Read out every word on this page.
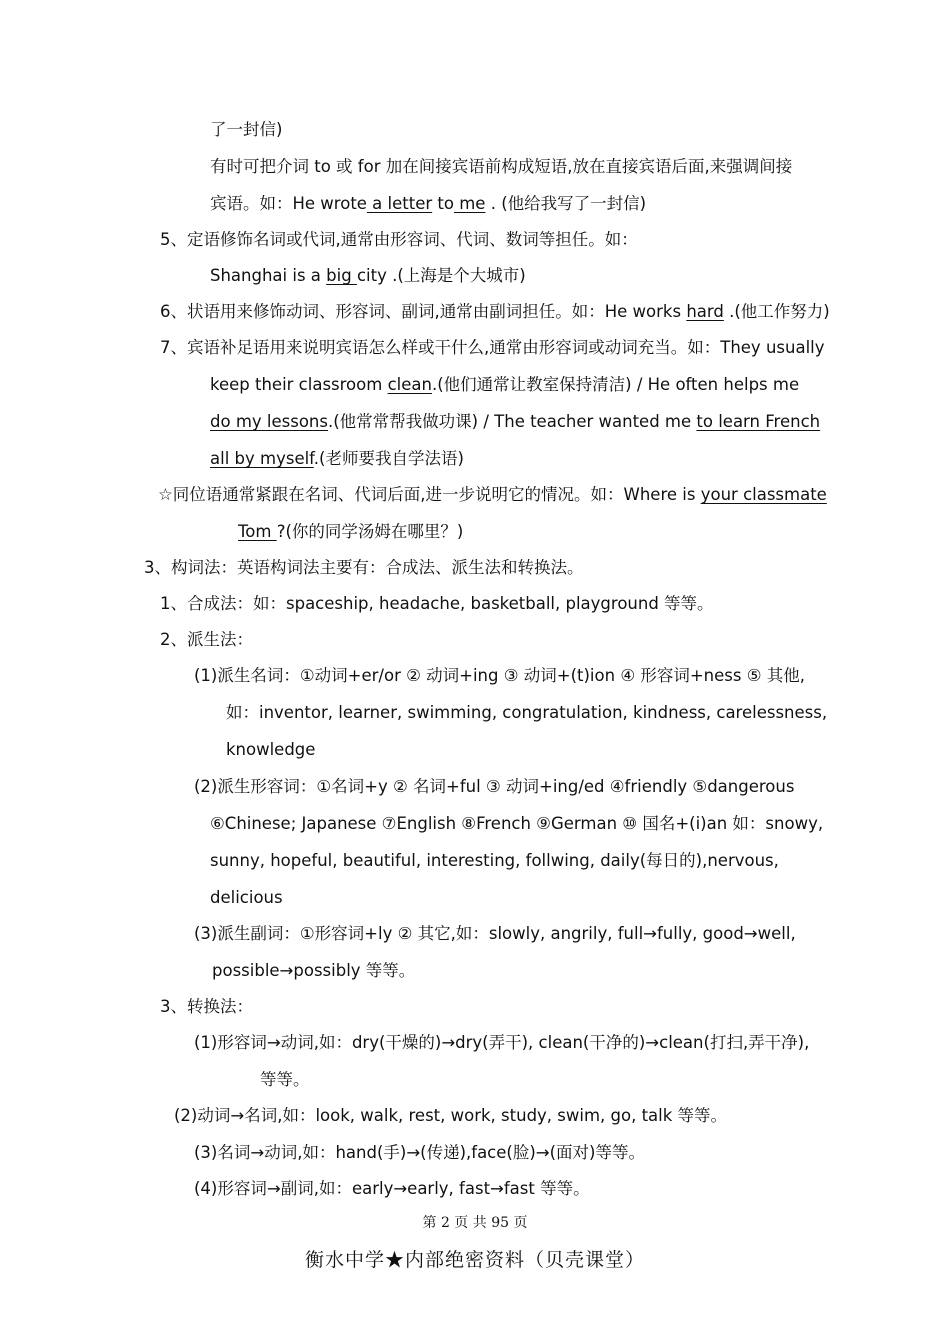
了一封信)
有时可把介词 to 或 for 加在间接宾语前构成短语,放在直接宾语后面,来强调间接
宾语。如：He wrote a letter to me . (他给我写了一封信)
5、定语修饰名词或代词,通常由形容词、代词、数词等担任。如：
Shanghai is a big city .(上海是个大城市)
6、状语用来修饰动词、形容词、副词,通常由副词担任。如：He works hard .(他工作努力)
7、宾语补足语用来说明宾语怎么样或干什么,通常由形容词或动词充当。如：They usually
keep their classroom clean.(他们通常让教室保持清洁) / He often helps me
do my lessons.(他常常帮我做功课) / The teacher wanted me to learn French
all by myself.(老师要我自学法语)
☆同位语通常紧跟在名词、代词后面,进一步说明它的情况。如：Where is your classmate
Tom ?(你的同学汤姆在哪里？)
3、构词法：英语构词法主要有：合成法、派生法和转换法。
1、合成法：如：spaceship, headache, basketball, playground 等等。
2、派生法：
(1)派生名词：①动词+er/or ② 动词+ing ③ 动词+(t)ion ④ 形容词+ness ⑤ 其他,
如：inventor, learner, swimming, congratulation, kindness, carelessness,
knowledge
(2)派生形容词：①名词+y ② 名词+ful ③ 动词+ing/ed ④friendly ⑤dangerous
⑥Chinese; Japanese ⑦English ⑧French ⑨German ⑩ 国名+(i)an 如：snowy,
sunny, hopeful, beautiful, interesting, follwing, daily(每日的),nervous,
delicious
(3)派生副词：①形容词+ly ② 其它,如：slowly, angrily, full→fully, good→well,
possible→possibly 等等。
3、转换法：
(1)形容词→动词,如：dry(干燥的)→dry(弄干), clean(干净的)→clean(打扫,弄干净),
等等。
(2)动词→名词,如：look, walk, rest, work, study, swim, go, talk 等等。
(3)名词→动词,如：hand(手)→(传递),face(脸)→(面对)等等。
(4)形容词→副词,如：early→early, fast→fast 等等。
第 2 页 共 95 页
衡水中学★内部绝密资料（贝壳课堂）
